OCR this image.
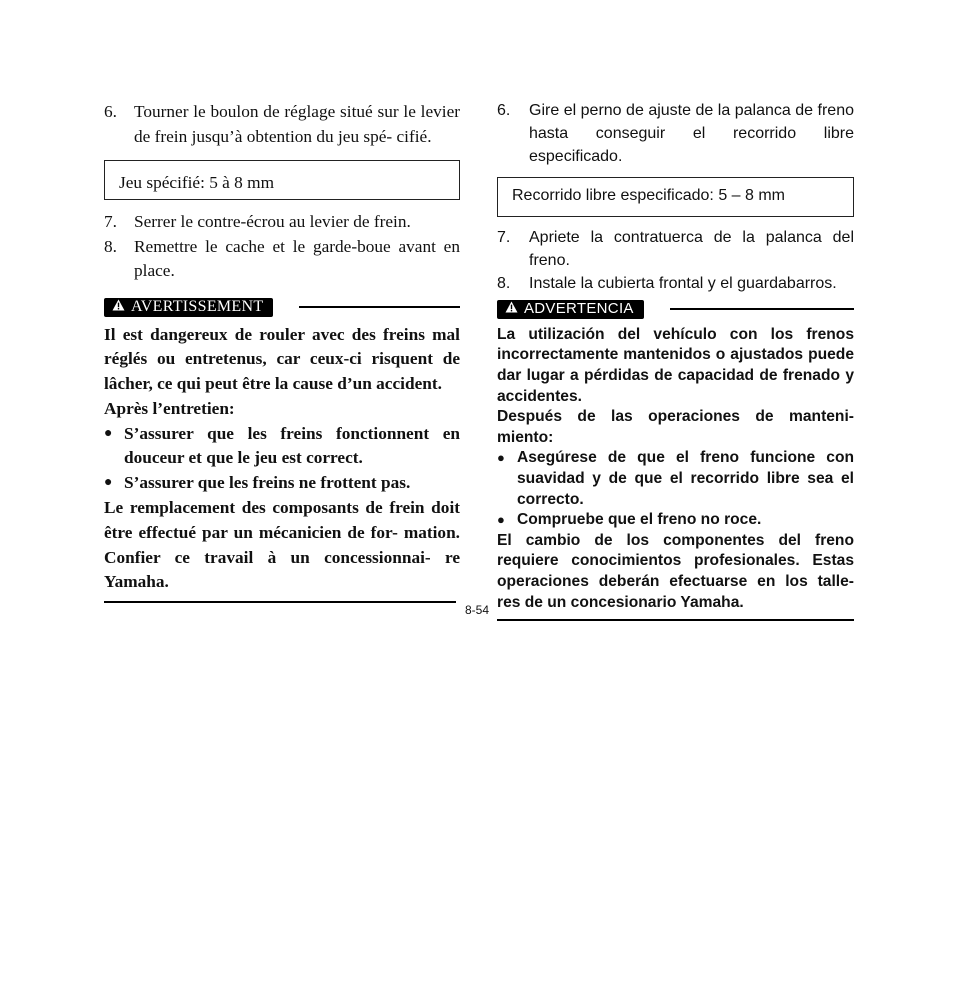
6. Tourner le boulon de réglage situé sur le levier de frein jusqu’à obtention du jeu spé- cifié.
Jeu spécifié: 5 à 8 mm
7. Serrer le contre-écrou au levier de frein.
8. Remettre le cache et le garde-boue avant en place.
AVERTISSEMENT

Il est dangereux de rouler avec des freins mal réglés ou entretenus, car ceux-ci risquent de lâcher, ce qui peut être la cause d’un accident.

Après l’entretien:

● S’assurer que les freins fonctionnent en douceur et que le jeu est correct.
● S’assurer que les freins ne frottent pas.

Le remplacement des composants de frein doit être effectué par un mécanicien de for- mation. Confier ce travail à un concessionnai- re Yamaha.

6.	Gire el perno de ajuste de la palanca de freno hasta conseguir el recorrido libre especificado.
Recorrido libre especificado: 5 – 8 mm
7.	Apriete la contratuerca de la palanca del freno.
8.	Instale la cubierta frontal y el guardabarros.
ADVERTENCIA

La utilización del vehículo con los frenos incorrectamente mantenidos o ajustados puede dar lugar a pérdidas de capacidad de frenado y accidentes.

Después de las operaciones de manteni- miento:

● Asegúrese de que el freno funcione con suavidad y de que el recorrido libre sea el correcto.
● Compruebe que el freno no roce.

El cambio de los componentes del freno requiere conocimientos profesionales. Estas operaciones deberán efectuarse en los talle- res de un concesionario Yamaha.

8-54
